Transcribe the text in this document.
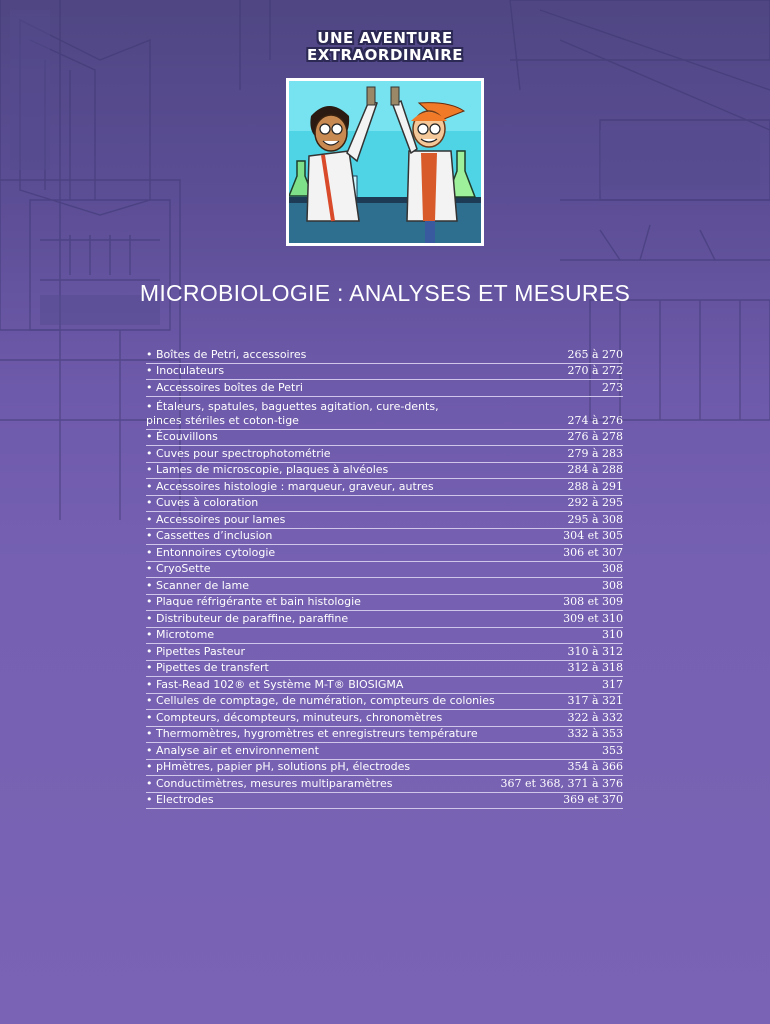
UNE AVENTURE
EXTRAORDINAIRE
MICROBIOLOGIE : ANALYSES ET MESURES
• Boîtes de Petri, accessoires	265 à 270
• Inoculateurs	270 à 272
• Accessoires boîtes de Petri	273
• Étaleurs, spatules, baguettes agitation, cure-dents,
pinces stériles et coton-tige	274 à 276
• Écouvillons	276 à 278
• Cuves pour spectrophotométrie	279 à 283
• Lames de microscopie, plaques à alvéoles	284 à 288
• Accessoires histologie : marqueur, graveur, autres	288 à 291
• Cuves à coloration	292 à 295
• Accessoires pour lames	295 à 308
• Cassettes d’inclusion	304 et 305
• Entonnoires cytologie	306 et 307
• CryoSette	308
• Scanner de lame	308
• Plaque réfrigérante et bain histologie	308 et 309
• Distributeur de paraffine, paraffine	309 et 310
• Microtome	310
• Pipettes Pasteur	310 à 312
• Pipettes de transfert	312 à 318
• Fast-Read 102® et Système M-T® BIOSIGMA	317
• Cellules de comptage, de numération, compteurs de colonies	317 à 321
• Compteurs, décompteurs, minuteurs, chronomètres	322 à 332
• Thermomètres, hygromètres et enregistreurs température	332 à 353
• Analyse air et environnement	353
• pHmètres, papier pH, solutions pH, électrodes	354 à 366
• Conductimètres, mesures multiparamètres	367 et 368, 371 à 376
• Electrodes	369 et 370
